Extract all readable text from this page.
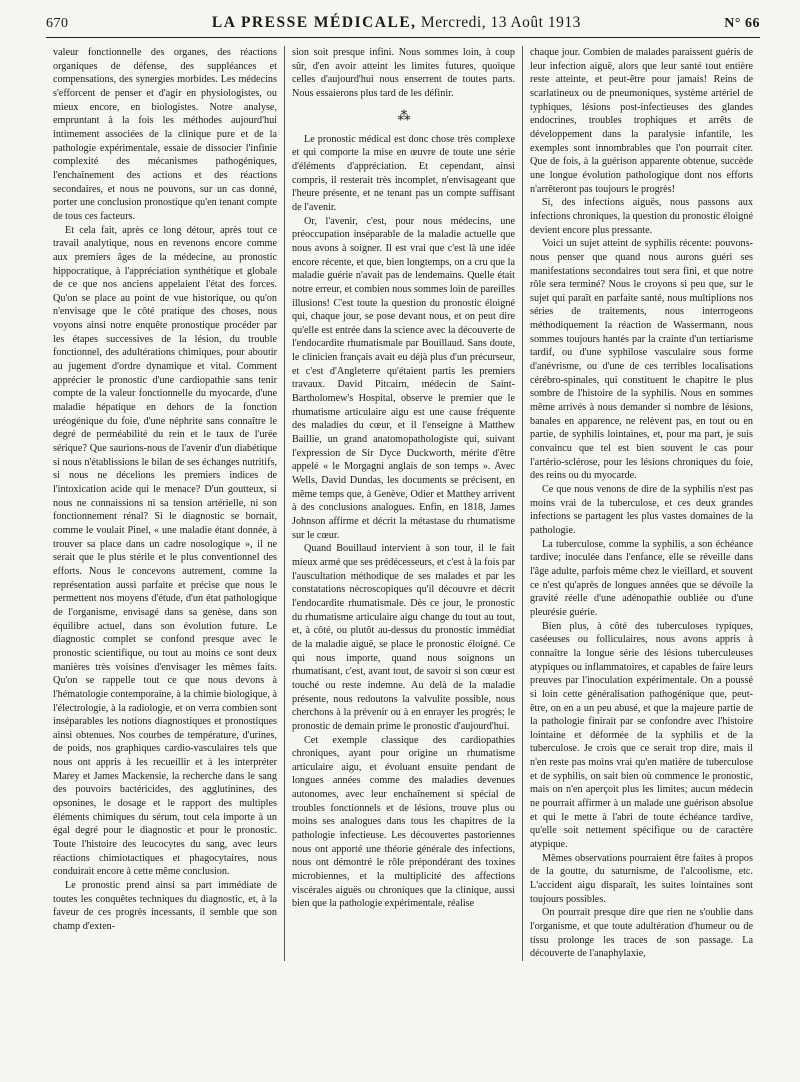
670	LA PRESSE MÉDICALE, Mercredi, 13 Août 1913	N° 66

valeur fonctionnelle des organes, des réactions organiques de défense, des suppléances et compensations, des synergies morbides. Les médecins s'efforcent de penser et d'agir en physiologistes, ou mieux encore, en biologistes. Notre analyse, empruntant à la fois les méthodes aujourd'hui intimement associées de la clinique pure et de la pathologie expérimentale, essaie de dissocier l'infinie complexité des mécanismes pathogéniques, l'enchaînement des actions et des réactions secondaires, et nous ne pouvons, sur un cas donné, porter une conclusion pronostique qu'en tenant compte de tous ces facteurs.

Et cela fait, après ce long détour, après tout ce travail analytique, nous en revenons encore comme aux premiers âges de la médecine, au pronostic hippocratique, à l'appréciation synthétique et globale de ce que nos anciens appelaient l'état des forces. Qu'on se place au point de vue historique, ou qu'on n'envisage que le côté pratique des choses, nous voyons ainsi notre enquête pronostique procéder par les étapes successives de la lésion, du trouble fonctionnel, des adultérations chimiques, pour aboutir au jugement d'ordre dynamique et vital. Comment apprécier le pronostic d'une cardiopathie sans tenir compte de la valeur fonctionnelle du myocarde, d'une maladie hépatique en dehors de la fonction uréogénique du foie, d'une néphrite sans connaître le degré de perméabilité du rein et le taux de l'urée sérique? Que saurions-nous de l'avenir d'un diabétique si nous n'établissions le bilan de ses échanges nutritifs, si nous ne décelions les premiers indices de l'intoxication acide qui le menace? D'un goutteux, si nous ne connaissions ni sa tension artérielle, ni son fonctionnement rénal? Si le diagnostic se bornait, comme le voulait Pinel, « une maladie étant donnée, à trouver sa place dans un cadre nosologique », il ne serait que le plus stérile et le plus conventionnel des efforts. Nous le concevons autrement, comme la représentation aussi parfaite et précise que nous le permettent nos moyens d'étude, d'un état pathologique de l'organisme, envisagé dans sa genèse, dans son équilibre actuel, dans son évolution future. Le diagnostic complet se confond presque avec le pronostic scientifique, ou tout au moins ce sont deux manières très voisines d'envisager les mêmes faits. Qu'on se rappelle tout ce que nous devons à l'hématologie contemporaine, à la chimie biologique, à l'électrologie, à la radiologie, et on verra combien sont inséparables les notions diagnostiques et pronostiques ainsi obtenues. Nos courbes de température, d'urines, de poids, nos graphiques cardio-vasculaires tels que nous ont appris à les recueillir et à les interpréter Marey et James Mackensie, la recherche dans le sang des pouvoirs bactéricides, des agglutinines, des opsonines, le dosage et le rapport des multiples éléments chimiques du sérum, tout cela importe à un égal degré pour le diagnostic et pour le pronostic. Toute l'histoire des leucocytes du sang, avec leurs réactions chimiotactiques et phagocytaires, nous conduirait encore à cette même conclusion.

Le pronostic prend ainsi sa part immédiate de toutes les conquêtes techniques du diagnostic, et, à la faveur de ces progrès incessants, il semble que son champ d'exten-

sion soit presque infini. Nous sommes loin, à coup sûr, d'en avoir atteint les limites futures, quoique celles d'aujourd'hui nous enserrent de toutes parts. Nous essaierons plus tard de les définir.

⁂

Le pronostic médical est donc chose très complexe et qui comporte la mise en œuvre de toute une série d'éléments d'appréciation. Et cependant, ainsi compris, il resterait très incomplet, n'envisageant que l'heure présente, et ne tenant pas un compte suffisant de l'avenir.

Or, l'avenir, c'est, pour nous médecins, une préoccupation inséparable de la maladie actuelle que nous avons à soigner. Il est vrai que c'est là une idée encore récente, et que, bien longtemps, on a cru que la maladie guérie n'avait pas de lendemains. Quelle était notre erreur, et combien nous sommes loin de pareilles illusions! C'est toute la question du pronostic éloigné qui, chaque jour, se pose devant nous, et on peut dire qu'elle est entrée dans la science avec la découverte de l'endocardite rhumatismale par Bouillaud. Sans doute, le clinicien français avait eu déjà plus d'un précurseur, et c'est d'Angleterre qu'étaient partis les premiers travaux. David Pitcairn, médecin de Saint-Bartholomew's Hospital, observe le premier que le rhumatisme articulaire aigu est une cause fréquente des maladies du cœur, et il l'enseigne à Matthew Baillie, un grand anatomopathologiste qui, suivant l'expression de Sir Dyce Duckworth, mérite d'être appelé « le Morgagni anglais de son temps ». Avec Wells, David Dundas, les documents se précisent, en même temps que, à Genève, Odier et Matthey arrivent à des conclusions analogues. Enfin, en 1818, James Johnson affirme et décrit la métastase du rhumatisme sur le cœur.

Quand Bouillaud intervient à son tour, il le fait mieux armé que ses prédécesseurs, et c'est à la fois par l'auscultation méthodique de ses malades et par les constatations nécroscopiques qu'il découvre et décrit l'endocardite rhumatismale. Dès ce jour, le pronostic du rhumatisme articulaire aigu change du tout au tout, et, à côté, ou plutôt au-dessus du pronostic immédiat de la maladie aiguë, se place le pronostic éloigné. Ce qui nous importe, quand nous soignons un rhumatisant, c'est, avant tout, de savoir si son cœur est touché ou reste indemne. Au delà de la maladie présente, nous redoutons la valvulite possible, nous cherchons à la prévenir ou à en enrayer les progrès; le pronostic de demain prime le pronostic d'aujourd'hui.

Cet exemple classique des cardiopathies chroniques, ayant pour origine un rhumatisme articulaire aigu, et évoluant ensuite pendant de longues années comme des maladies devenues autonomes, avec leur enchaînement si spécial de troubles fonctionnels et de lésions, trouve plus ou moins ses analogues dans tous les chapitres de la pathologie infectieuse. Les découvertes pastoriennes nous ont apporté une théorie générale des infections, nous ont démontré le rôle prépondérant des toxines microbiennes, et la multiplicité des affections viscérales aiguës ou chroniques que la clinique, aussi bien que la pathologie expérimentale, réalise

chaque jour. Combien de malades paraissent guéris de leur infection aiguë, alors que leur santé tout entière reste atteinte, et peut-être pour jamais! Reins de scarlatineux ou de pneumoniques, système artériel de typhiques, lésions post-infectieuses des glandes endocrines, troubles trophiques et arrêts de développement dans la paralysie infantile, les exemples sont innombrables que l'on pourrait citer. Que de fois, à la guérison apparente obtenue, succède une longue évolution pathologique dont nos efforts n'arrêteront pas toujours le progrès!

Si, des infections aiguës, nous passons aux infections chroniques, la question du pronostic éloigné devient encore plus pressante.

Voici un sujet atteint de syphilis récente: pouvons-nous penser que quand nous aurons guéri ses manifestations secondaires tout sera fini, et que notre rôle sera terminé? Nous le croyons si peu que, sur le sujet qui paraît en parfaite santé, nous multiplions nos séries de traitements, nous interrogeons méthodiquement la réaction de Wassermann, nous sommes toujours hantés par la crainte d'un tertiarisme tardif, ou d'une syphilose vasculaire sous forme d'anévrisme, ou d'une de ces terribles localisations cérébro-spinales, qui constituent le chapitre le plus sombre de l'histoire de la syphilis. Nous en sommes même arrivés à nous demander si nombre de lésions, banales en apparence, ne relèvent pas, en tout ou en partie, de syphilis lointaines, et, pour ma part, je suis convaincu que tel est bien souvent le cas pour l'artério-sclérose, pour les lésions chroniques du foie, des reins ou du myocarde.

Ce que nous venons de dire de la syphilis n'est pas moins vrai de la tuberculose, et ces deux grandes infections se partagent les plus vastes domaines de la pathologie.

La tuberculose, comme la syphilis, a son échéance tardive; inoculée dans l'enfance, elle se réveille dans l'âge adulte, parfois même chez le vieillard, et souvent ce n'est qu'après de longues années que se dévoile la gravité réelle d'une adénopathie oubliée ou d'une pleurésie guérie.

Bien plus, à côté des tuberculoses typiques, caséeuses ou folliculaires, nous avons appris à connaître la longue série des lésions tuberculeuses atypiques ou inflammatoires, et capables de faire leurs preuves par l'inoculation expérimentale. On a poussé si loin cette généralisation pathogénique que, peut-être, on en a un peu abusé, et que la majeure partie de la pathologie finirait par se confondre avec l'histoire lointaine et déformée de la syphilis et de la tuberculose. Je crois que ce serait trop dire, mais il n'en reste pas moins vrai qu'en matière de tuberculose et de syphilis, on sait bien où commence le pronostic, mais on n'en aperçoit plus les limites; aucun médecin ne pourrait affirmer à un malade une guérison absolue et qui le mette à l'abri de toute échéance tardive, qu'elle soit nettement spécifique ou de caractère atypique.

Mêmes observations pourraient être faites à propos de la goutte, du saturnisme, de l'alcoolisme, etc. L'accident aigu disparaît, les suites lointaines sont toujours possibles.

On pourrait presque dire que rien ne s'oublie dans l'organisme, et que toute adultération d'humeur ou de tissu prolonge les traces de son passage. La découverte de l'anaphylaxie,
